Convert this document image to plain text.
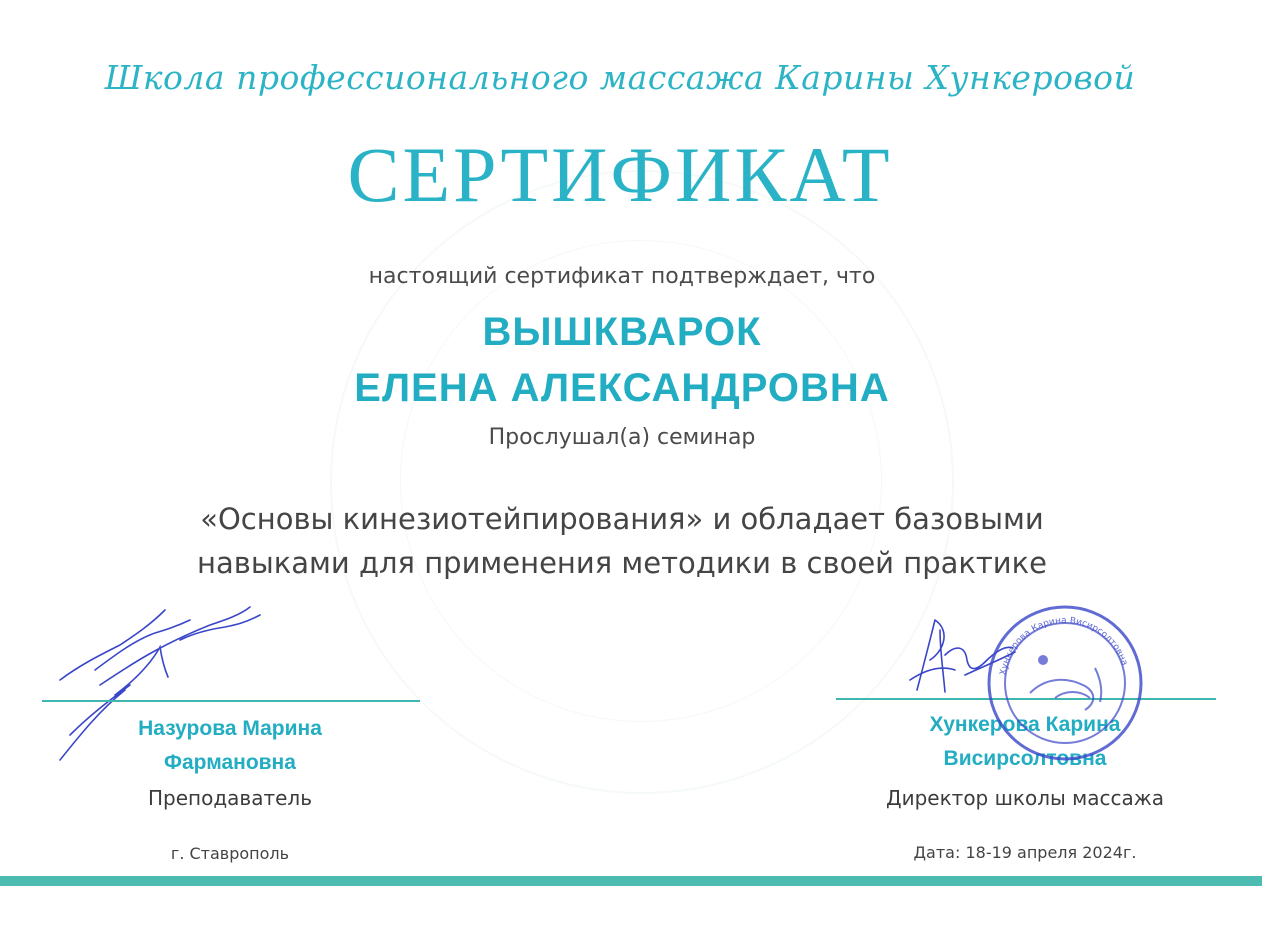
Школа профессионального массажа Карины Хункеровой
СЕРТИФИКАТ
настоящий сертификат подтверждает, что
ВЫШКВАРОК
ЕЛЕНА АЛЕКСАНДРОВНА
Прослушал(а) семинар
«Основы кинезиотейпирования» и обладает базовыми
навыками для применения методики в своей практике
Назурова Марина
Фармановна
Преподаватель
Хункерова Карина
Висирсолтовна
Директор школы массажа
Хункерова Карина Висирсолтовна
г. Ставрополь	Дата: 18-19 апреля 2024г.
